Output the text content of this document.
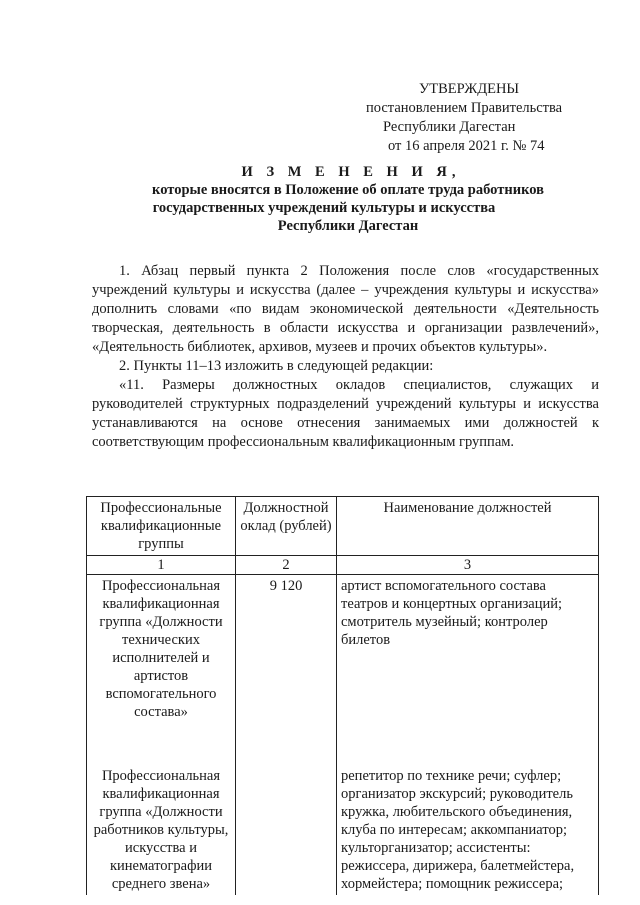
УТВЕРЖДЕНЫ
постановлением Правительства
Республики Дагестан
от 16 апреля 2021 г. № 74
И З М Е Н Е Н И Я,
которые вносятся в Положение об оплате труда работников
государственных учреждений культуры и искусства
Республики Дагестан

1. Абзац первый пункта 2 Положения после слов «государственных учреждений культуры и искусства (далее – учреждения культуры и искусства» дополнить словами «по видам экономической деятельности «Деятельность творческая, деятельность в области искусства и организации развлечений», «Деятельность библиотек, архивов, музеев и прочих объектов культуры».

2. Пункты 11–13 изложить в следующей редакции:

«11. Размеры должностных окладов специалистов, служащих и руководителей структурных подразделений учреждений культуры и искусства устанавливаются на основе отнесения занимаемых ими должностей к соответствующим профессиональным квалификационным группам.

Профессиональные квалификационные группы	Должностной оклад (рублей)	Наименование должностей
1	2	3
Профессиональная квалификационная группа «Должности технических исполнителей и артистов вспомогательного состава»	9 120	артист вспомогательного состава театров и концертных организаций; смотритель музейный; контролер билетов
Профессиональная квалификационная группа «Должности работников культуры, искусства и кинематографии среднего звена»		репетитор по технике речи; суфлер; организатор экскурсий; руководитель кружка, любительского объединения, клуба по интересам; аккомпаниатор; культорганизатор; ассистенты: режиссера, дирижера, балетмейстера, хормейстера; помощник режиссера;
